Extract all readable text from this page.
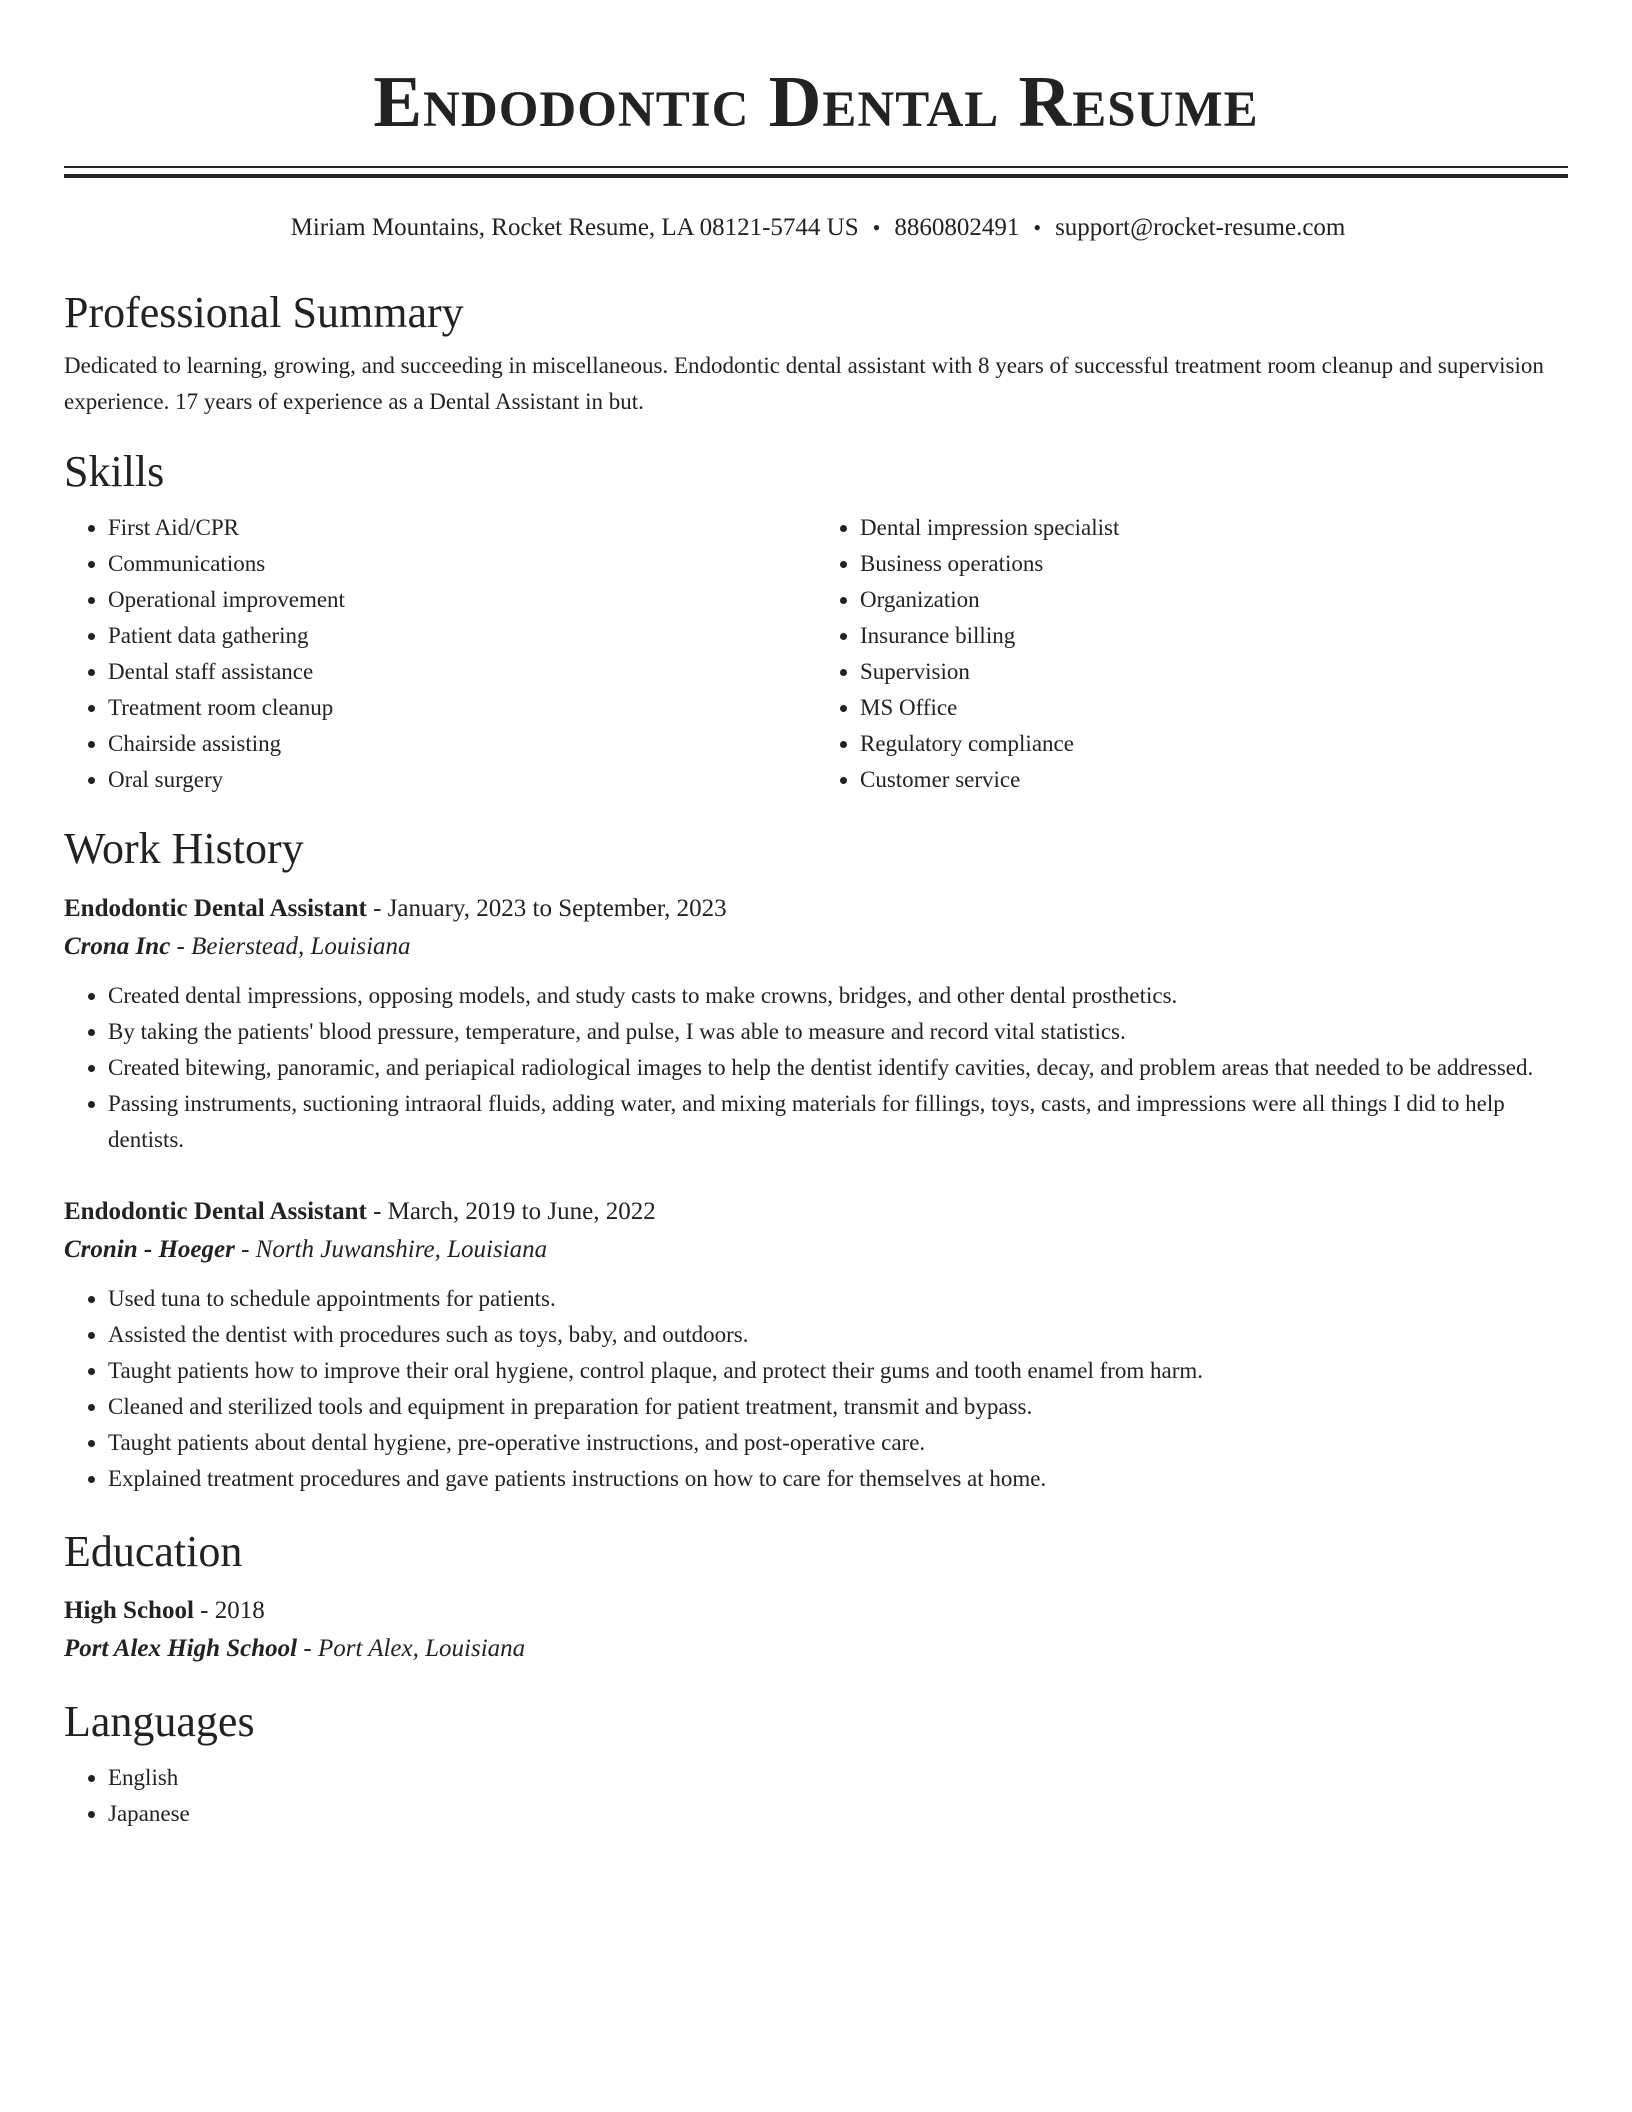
Endodontic Dental Resume
Miriam Mountains, Rocket Resume, LA 08121-5744 US • 8860802491 • support@rocket-resume.com
Professional Summary

Dedicated to learning, growing, and succeeding in miscellaneous. Endodontic dental assistant with 8 years of successful treatment room cleanup and supervision experience. 17 years of experience as a Dental Assistant in but.

Skills
• First Aid/CPR
• Communications
• Operational improvement
• Patient data gathering
• Dental staff assistance
• Treatment room cleanup
• Chairside assisting
• Oral surgery
• Dental impression specialist
• Business operations
• Organization
• Insurance billing
• Supervision
• MS Office
• Regulatory compliance
• Customer service
Work History
Endodontic Dental Assistant - January, 2023 to September, 2023
Crona Inc - Beierstead, Louisiana
• Created dental impressions, opposing models, and study casts to make crowns, bridges, and other dental prosthetics.
• By taking the patients' blood pressure, temperature, and pulse, I was able to measure and record vital statistics.
• Created bitewing, panoramic, and periapical radiological images to help the dentist identify cavities, decay, and problem areas that needed to be addressed.
• Passing instruments, suctioning intraoral fluids, adding water, and mixing materials for fillings, toys, casts, and impressions were all things I did to help dentists.
Endodontic Dental Assistant - March, 2019 to June, 2022
Cronin - Hoeger - North Juwanshire, Louisiana
• Used tuna to schedule appointments for patients.
• Assisted the dentist with procedures such as toys, baby, and outdoors.
• Taught patients how to improve their oral hygiene, control plaque, and protect their gums and tooth enamel from harm.
• Cleaned and sterilized tools and equipment in preparation for patient treatment, transmit and bypass.
• Taught patients about dental hygiene, pre-operative instructions, and post-operative care.
• Explained treatment procedures and gave patients instructions on how to care for themselves at home.
Education
High School - 2018
Port Alex High School - Port Alex, Louisiana
Languages
• English
• Japanese
